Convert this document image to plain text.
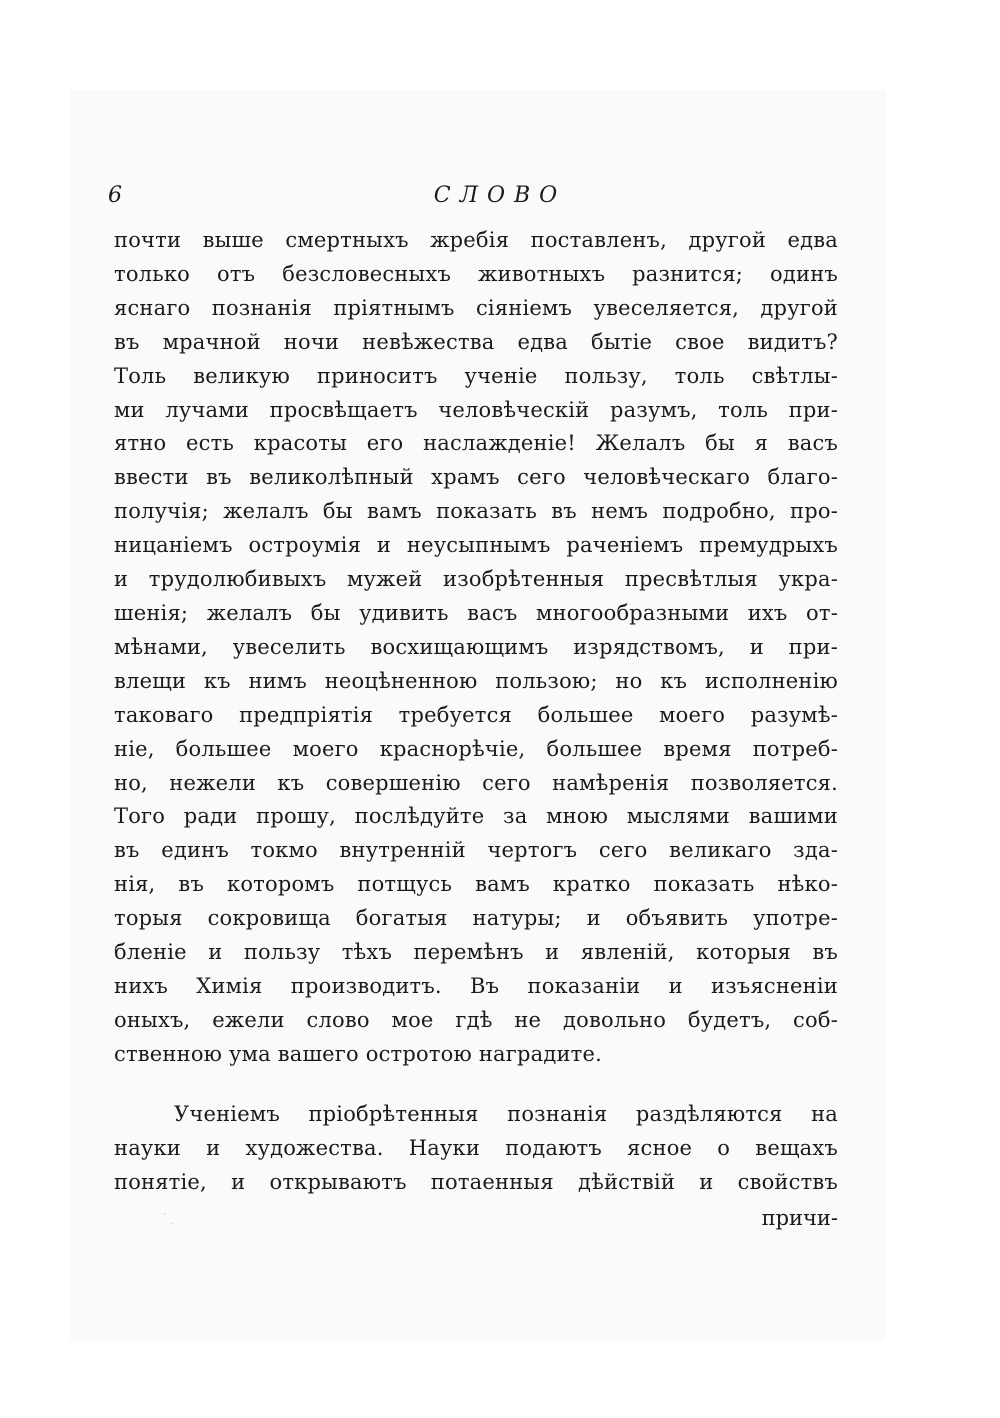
6	СЛОВО
почти выше смертныхъ жребія поставленъ, другой едва
только отъ безсловесныхъ животныхъ разнится; одинъ
яснаго познанія пріятнымъ сіяніемъ увеселяется, другой
въ мрачной ночи невѣжества едва бытіе свое видитъ?
Толь великую приноситъ ученіе пользу, толь свѣтлы-
ми лучами просвѣщаетъ человѣческій разумъ, толь при-
ятно есть красоты его наслажденіе! Желалъ бы я васъ
ввести въ великолѣпный храмъ сего человѣческаго благо-
получія; желалъ бы вамъ показать въ немъ подробно, про-
ницаніемъ остроумія и неусыпнымъ раченіемъ премудрыхъ
и трудолюбивыхъ мужей изобрѣтенныя пресвѣтлыя укра-
шенія; желалъ бы удивить васъ многообразными ихъ от-
мѣнами, увеселить восхищающимъ изрядствомъ, и при-
влещи къ нимъ неоцѣненною пользою; но къ исполненію
таковаго предпріятія требуется большее моего разумѣ-
ніе, большее моего краснорѣчіе, большее время потреб-
но, нежели къ совершенію сего намѣренія позволяется.
Того ради прошу, послѣдуйте за мною мыслями вашими
въ единъ токмо внутренній чертогъ сего великаго зда-
нія, въ которомъ потщусь вамъ кратко показать нѣко-
торыя сокровища богатыя натуры; и объявить употре-
бленіе и пользу тѣхъ перемѣнъ и явленій, которыя въ
нихъ Химія производитъ. Въ показаніи и изъясненіи
оныхъ, ежели слово мое гдѣ не довольно будетъ, соб-
ственною ума вашего остротою наградите.
Ученіемъ пріобрѣтенныя познанія раздѣляются на
науки и художества. Науки подаютъ ясное о вещахъ
понятіе, и открываютъ потаенныя дѣйствій и свойствъ
˙ ˎ	причи-
